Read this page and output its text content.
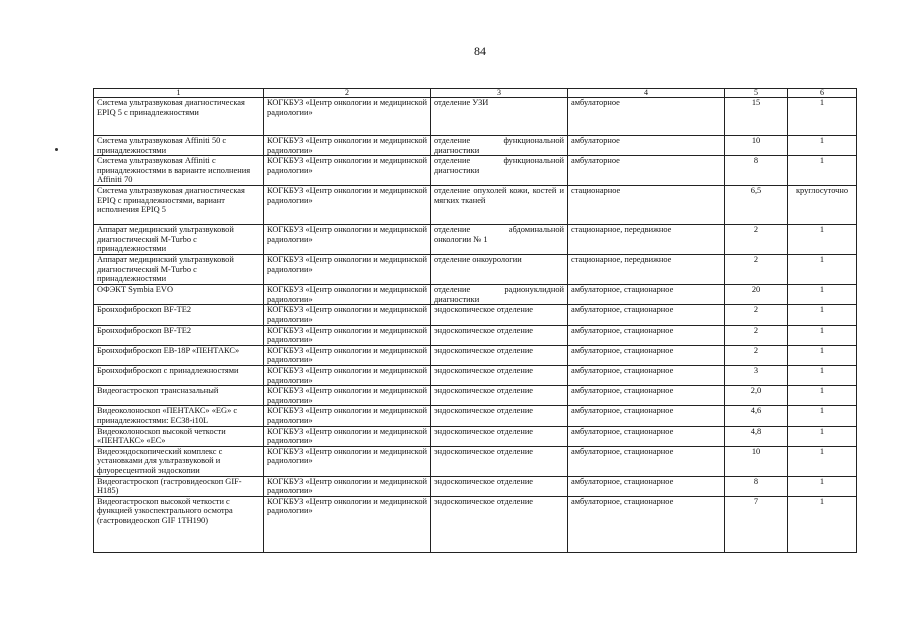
84
1	2	3	4	5	6
Система ультразвуковая диагностическая EPIQ 5 с принадлежностями	КОГКБУЗ «Центр онкологии и медицинской радиологии»	отделение УЗИ	амбулаторное	15	1
Система ультразвуковая Affiniti 50 с принадлежностями	КОГКБУЗ «Центр онкологии и медицинской радиологии»	отделение функциональной диагностики	амбулаторное	10	1
Система ультразвуковая Affiniti с принадлежностями в варианте исполнения Affiniti 70	КОГКБУЗ «Центр онкологии и медицинской радиологии»	отделение функциональной диагностики	амбулаторное	8	1
Система ультразвуковая диагностическая EPIQ с принадлежностями, вариант исполнения EPIQ 5	КОГКБУЗ «Центр онкологии и медицинской радиологии»	отделение опухолей кожи, костей и мягких тканей	стационарное	6,5	круглосуточно
Аппарат медицинский ультразвуковой диагностический M-Turbo с принадлежностями	КОГКБУЗ «Центр онкологии и медицинской радиологии»	отделение абдоминальной онкологии № 1	стационарное, передвижное	2	1
Аппарат медицинский ультразвуковой диагностический M-Turbo с принадлежностями	КОГКБУЗ «Центр онкологии и медицинской радиологии»	отделение онкоурологии	стационарное, передвижное	2	1
ОФЭКТ Symbia EVO	КОГКБУЗ «Центр онкологии и медицинской радиологии»	отделение радионуклидной диагностики	амбулаторное, стационарное	20	1
Бронхофиброскоп BF-TE2	КОГКБУЗ «Центр онкологии и медицинской радиологии»	эндоскопическое отделение	амбулаторное, стационарное	2	1
Бронхофиброскоп BF-TE2	КОГКБУЗ «Центр онкологии и медицинской радиологии»	эндоскопическое отделение	амбулаторное, стационарное	2	1
Бронхофиброскоп EB-18P «ПЕНТАКС»	КОГКБУЗ «Центр онкологии и медицинской радиологии»	эндоскопическое отделение	амбулаторное, стационарное	2	1
Бронхофиброскоп с принадлежностями	КОГКБУЗ «Центр онкологии и медицинской радиологии»	эндоскопическое отделение	амбулаторное, стационарное	3	1
Видеогастроскоп трансназальный	КОГКБУЗ «Центр онкологии и медицинской радиологии»	эндоскопическое отделение	амбулаторное, стационарное	2,0	1
Видеоколоноскоп «ПЕНТАКС» «EG» с принадлежностями: EC38-i10L	КОГКБУЗ «Центр онкологии и медицинской радиологии»	эндоскопическое отделение	амбулаторное, стационарное	4,6	1
Видеоколоноскоп высокой четкости «ПЕНТАКС» «EC»	КОГКБУЗ «Центр онкологии и медицинской радиологии»	эндоскопическое отделение	амбулаторное, стационарное	4,8	1
Видеоэндоскопический комплекс с установками для ультразвуковой и флуоресцентной эндоскопии	КОГКБУЗ «Центр онкологии и медицинской радиологии»	эндоскопическое отделение	амбулаторное, стационарное	10	1
Видеогастроскоп (гастровидеоскоп GIF-H185)	КОГКБУЗ «Центр онкологии и медицинской радиологии»	эндоскопическое отделение	амбулаторное, стационарное	8	1
Видеогастроскоп высокой четкости с функцией узкоспектрального осмотра (гастровидеоскоп GIF 1TH190)	КОГКБУЗ «Центр онкологии и медицинской радиологии»	эндоскопическое отделение	амбулаторное, стационарное	7	1
